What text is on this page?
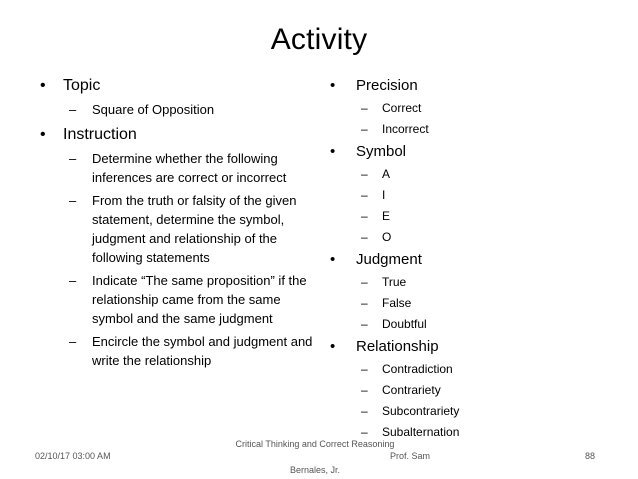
Activity
• Topic
– Square of Opposition
• Instruction
– Determine whether the following inferences are correct or incorrect
– From the truth or falsity of the given statement, determine the symbol, judgment and relationship of the following statements
– Indicate “The same proposition” if the relationship came from the same symbol and the same judgment
– Encircle the symbol and judgment and write the relationship
• Precision
– Correct
– Incorrect
• Symbol
– A
– I
– E
– O
• Judgment
– True
– False
– Doubtful
• Relationship
– Contradiction
– Contrariety
– Subcontrariety
– Subalternation
02/10/17 03:00 AM
Critical Thinking and Correct Reasoning
Prof. Sam
Bernales, Jr.
88
